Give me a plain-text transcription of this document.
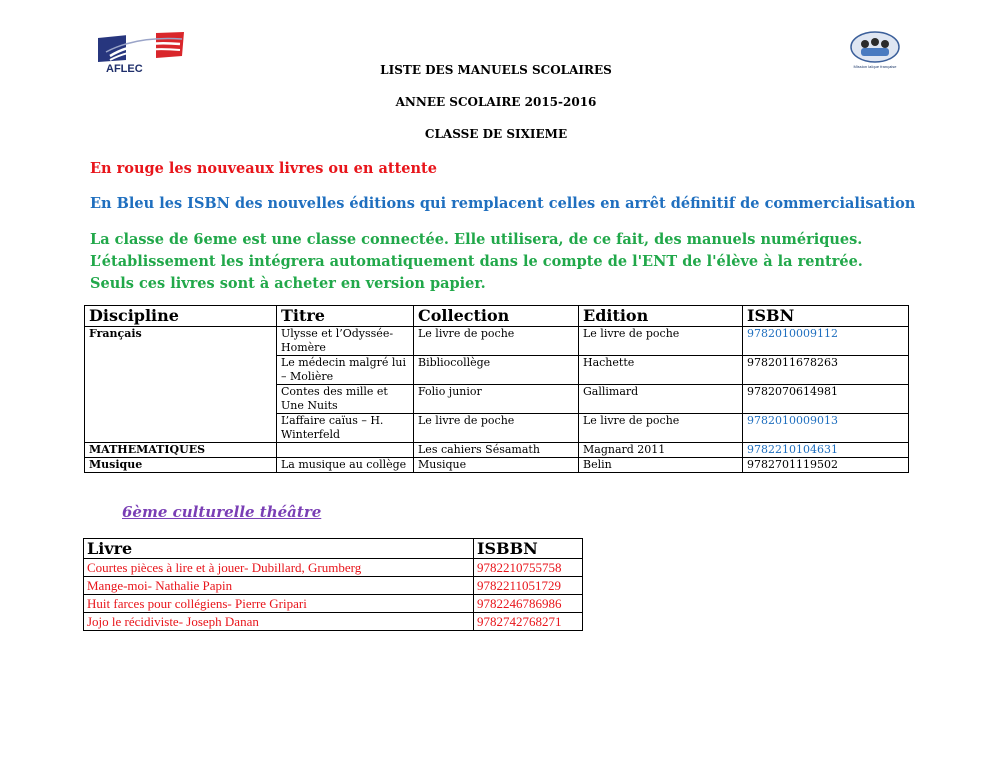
AFLEC	Mission laïque française
LISTE DES MANUELS SCOLAIRES
ANNEE SCOLAIRE 2015-2016
CLASSE DE SIXIEME
En rouge les nouveaux livres ou en attente
En Bleu les ISBN des nouvelles éditions qui remplacent celles en arrêt définitif de commercialisation
La classe de 6eme est une classe connectée. Elle utilisera, de ce fait, des manuels numériques. L’établissement les intégrera automatiquement dans le compte de l'ENT de l'élève à la rentrée. Seuls ces livres sont à acheter en version papier.
Discipline	Titre	Collection	Edition	ISBN
Français	Ulysse et l’Odyssée-Homère	Le livre de poche	Le livre de poche	9782010009112
	Le médecin malgré lui – Molière	Bibliocollège	Hachette	9782011678263
	Contes des mille et Une Nuits	Folio junior	Gallimard	9782070614981
	L’affaire caïus – H. Winterfeld	Le livre de poche	Le livre de poche	9782010009013
MATHEMATIQUES		Les cahiers Sésamath	Magnard 2011	9782210104631
Musique	La musique au collège	Musique	Belin	9782701119502
6ème culturelle théâtre
Livre	ISBBN
Courtes pièces à lire et à jouer- Dubillard, Grumberg	9782210755758
Mange-moi- Nathalie Papin	9782211051729
Huit farces pour collégiens- Pierre Gripari	9782246786986
Jojo le récidiviste- Joseph Danan	9782742768271
